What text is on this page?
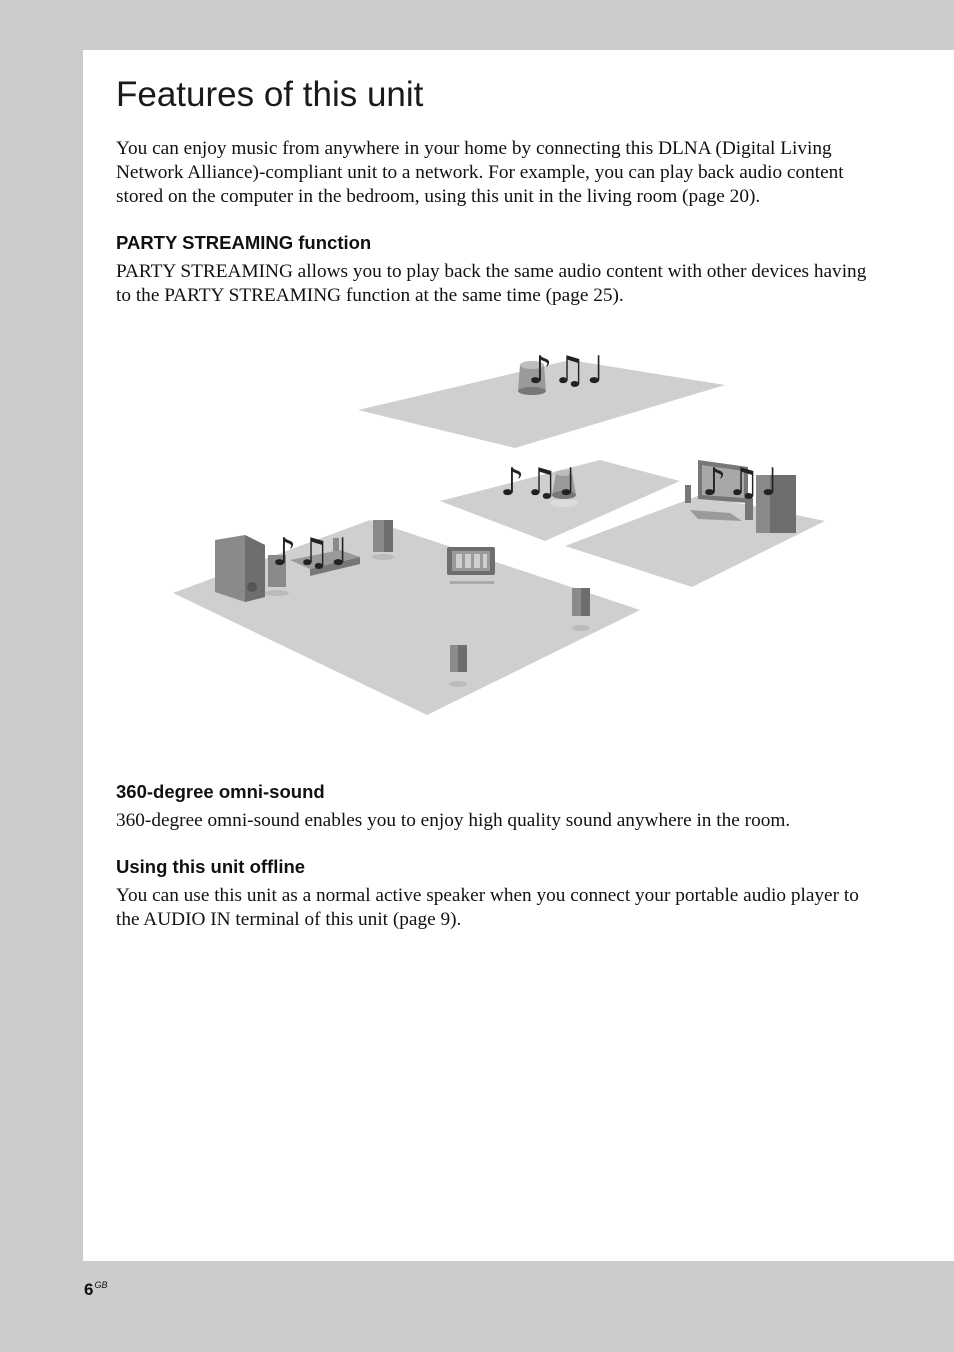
Features of this unit

You can enjoy music from anywhere in your home by connecting this DLNA (Digital Living Network Alliance)-compliant unit to a network. For example, you can play back audio content stored on the computer in the bedroom, using this unit in the living room (page 20).

PARTY STREAMING function

PARTY STREAMING allows you to play back the same audio content with other devices having to the PARTY STREAMING function at the same time (page 25).

♪♫♩
♪♫♩	♪♫♩
♪♫♩
360-degree omni-sound

360-degree omni-sound enables you to enjoy high quality sound anywhere in the room.

Using this unit offline

You can use this unit as a normal active speaker when you connect your portable audio player to the AUDIO IN terminal of this unit (page 9).

$6^{GB}$
